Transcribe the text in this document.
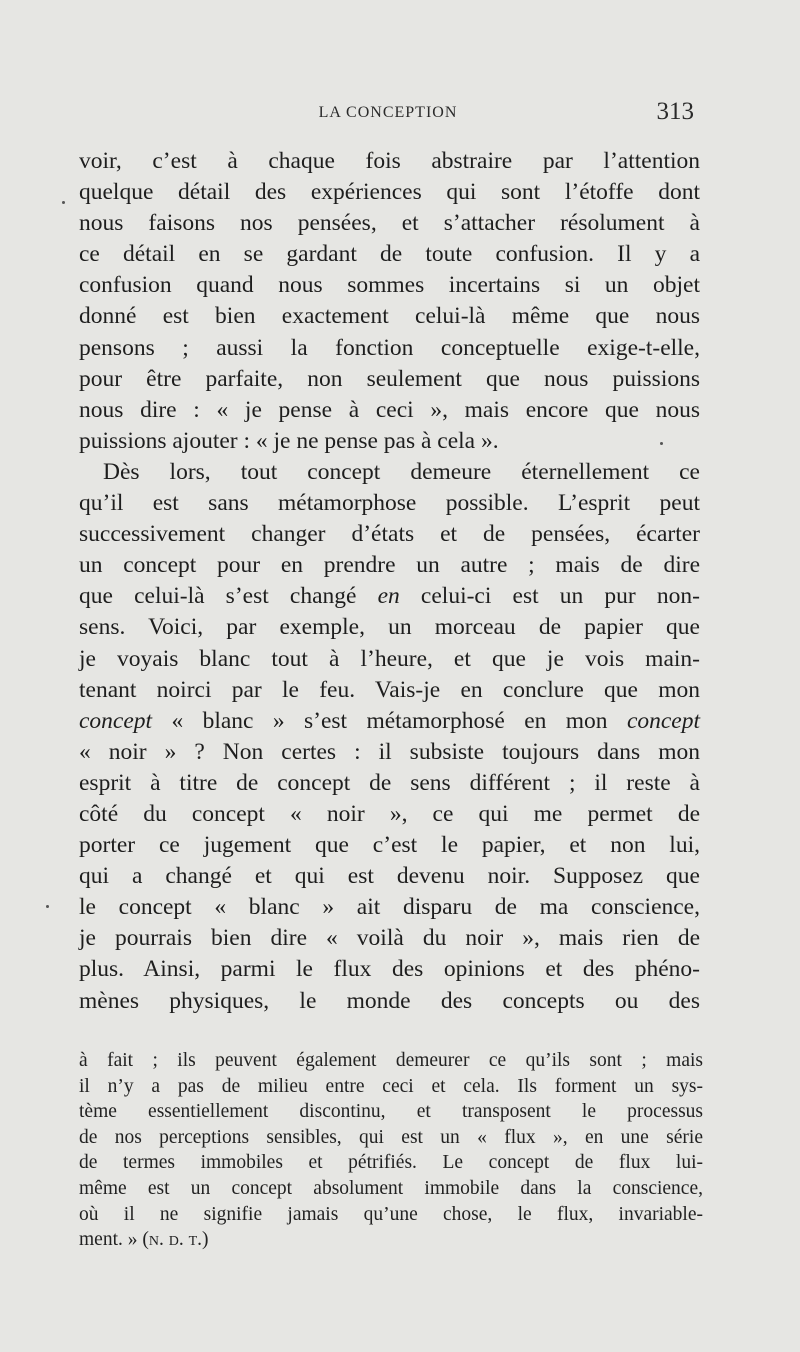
LA CONCEPTION	313
voir, c’est à chaque fois abstraire par l’attention
quelque détail des expériences qui sont l’étoffe dont
nous faisons nos pensées, et s’attacher résolument à
ce détail en se gardant de toute confusion. Il y a
confusion quand nous sommes incertains si un objet
donné est bien exactement celui-là même que nous
pensons ; aussi la fonction conceptuelle exige-t-elle,
pour être parfaite, non seulement que nous puissions
nous dire : « je pense à ceci », mais encore que nous
puissions ajouter : « je ne pense pas à cela ».
Dès lors, tout concept demeure éternellement ce
qu’il est sans métamorphose possible. L’esprit peut
successivement changer d’états et de pensées, écarter
un concept pour en prendre un autre ; mais de dire
que celui-là s’est changé en celui-ci est un pur non-
sens. Voici, par exemple, un morceau de papier que
je voyais blanc tout à l’heure, et que je vois main-
tenant noirci par le feu. Vais-je en conclure que mon
concept « blanc » s’est métamorphosé en mon concept
« noir » ? Non certes : il subsiste toujours dans mon
esprit à titre de concept de sens différent ; il reste à
côté du concept « noir », ce qui me permet de
porter ce jugement que c’est le papier, et non lui,
qui a changé et qui est devenu noir. Supposez que
le concept « blanc » ait disparu de ma conscience,
je pourrais bien dire « voilà du noir », mais rien de
plus. Ainsi, parmi le flux des opinions et des phéno-
mènes physiques, le monde des concepts ou des
à fait ; ils peuvent également demeurer ce qu’ils sont ; mais
il n’y a pas de milieu entre ceci et cela. Ils forment un sys-
tème essentiellement discontinu, et transposent le processus
de nos perceptions sensibles, qui est un « flux », en une série
de termes immobiles et pétrifiés. Le concept de flux lui-
même est un concept absolument immobile dans la conscience,
où il ne signifie jamais qu’une chose, le flux, invariable-
ment. » (n. d. t.)
